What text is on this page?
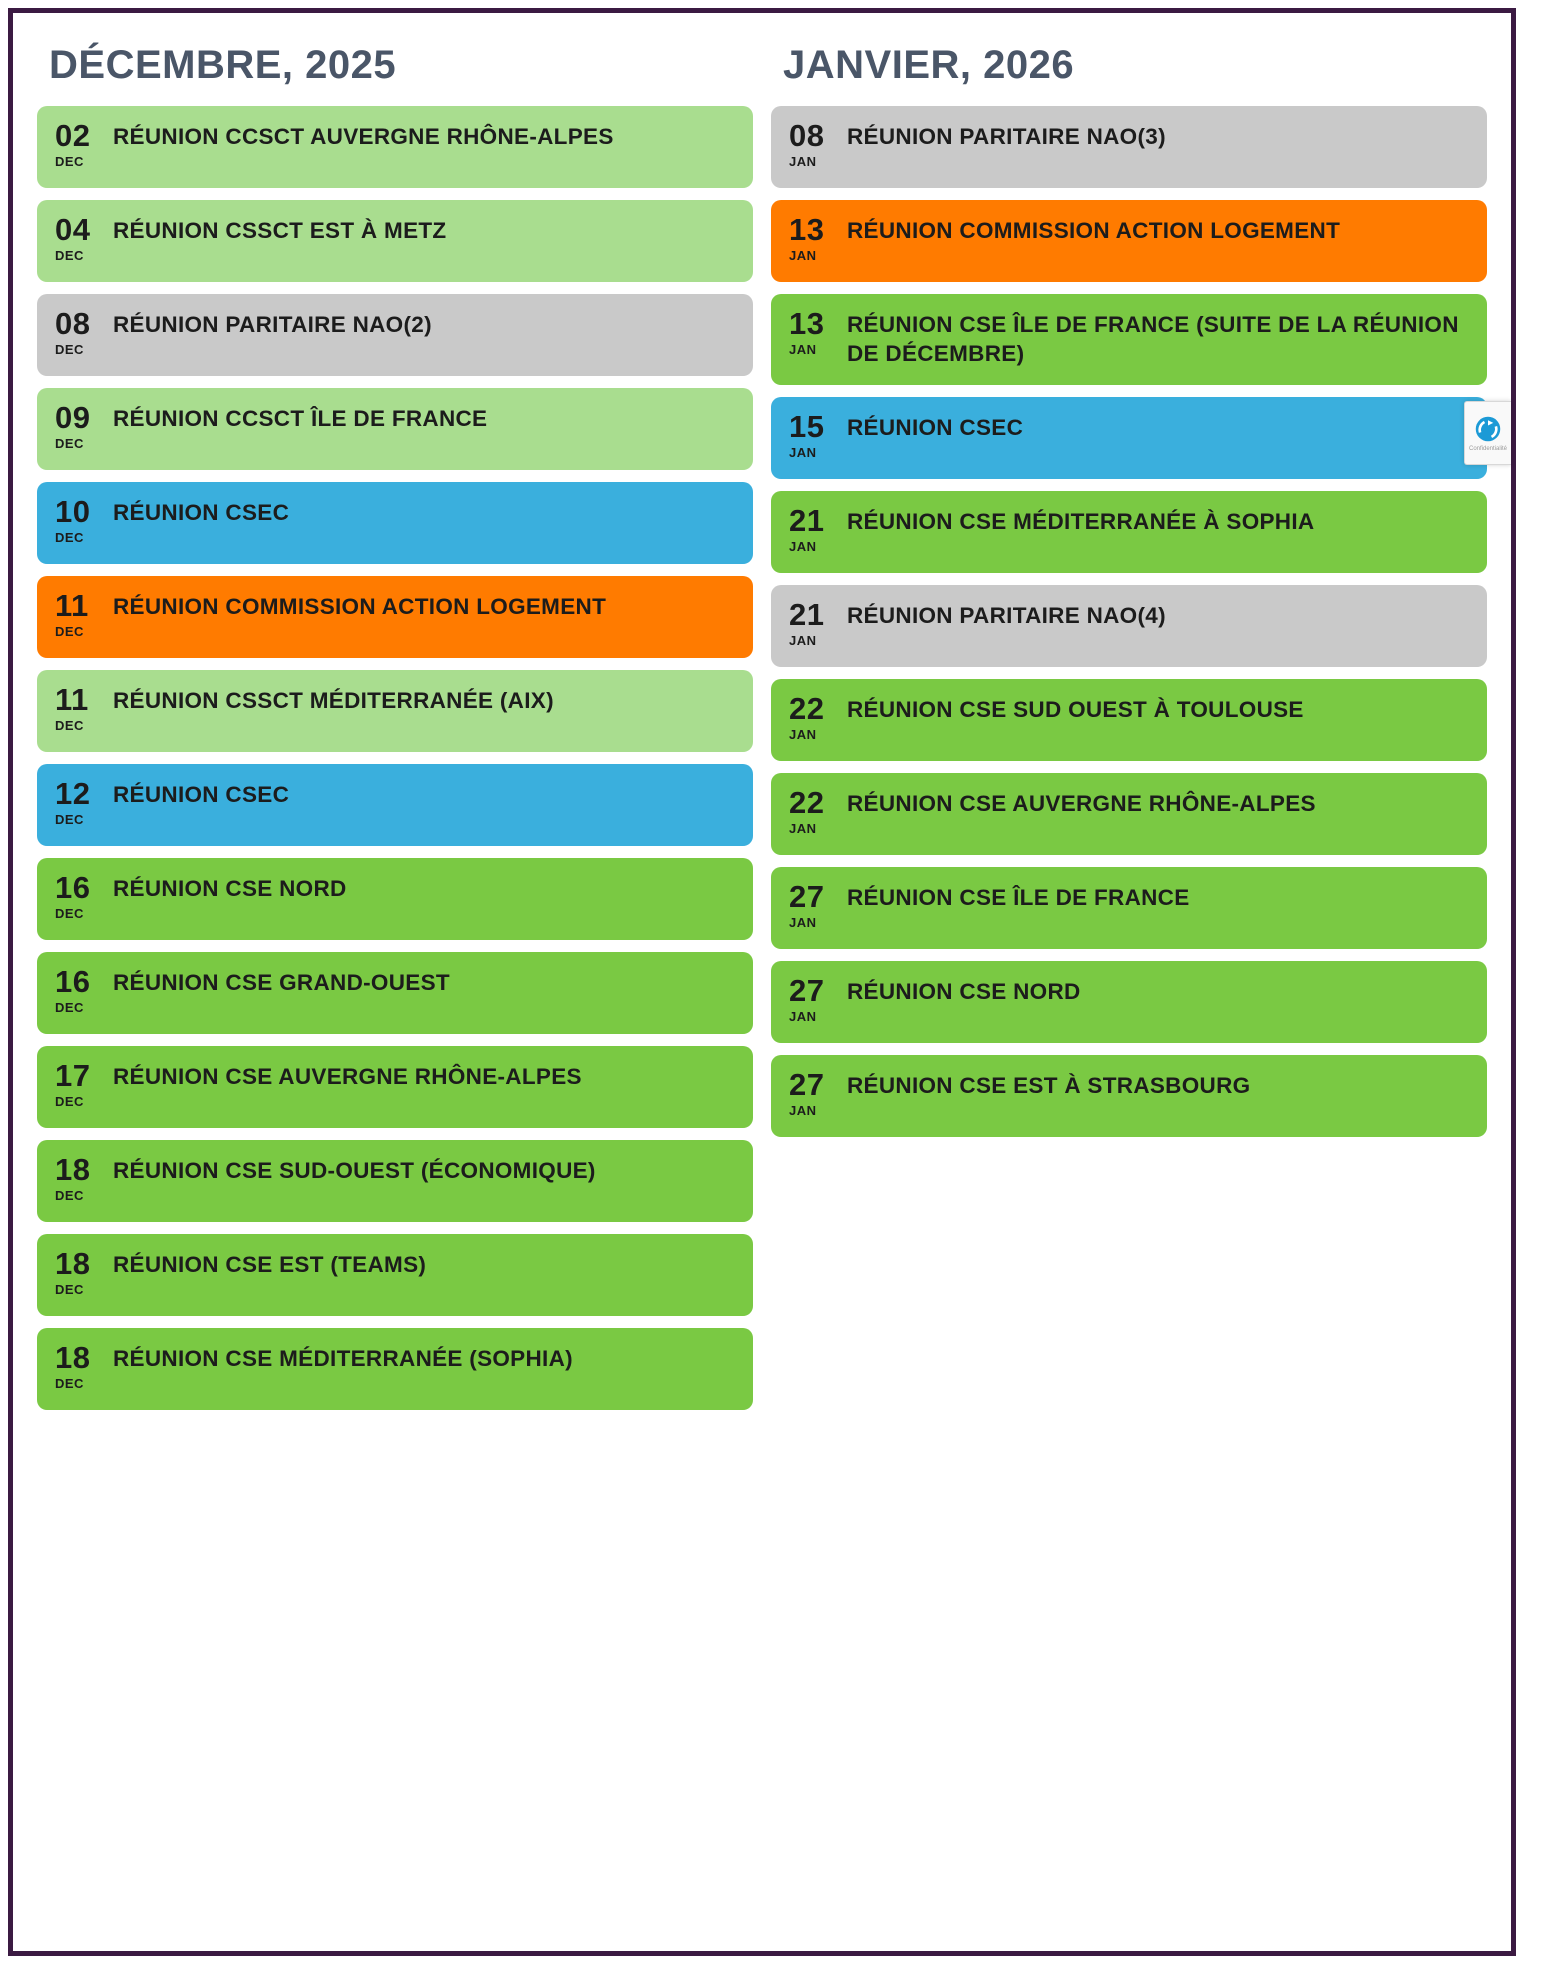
DÉCEMBRE, 2025
02
DEC
RÉUNION CCSCT AUVERGNE RHÔNE-ALPES
04
DEC
RÉUNION CSSCT EST À METZ
08
DEC
RÉUNION PARITAIRE NAO(2)
09
DEC
RÉUNION CCSCT ÎLE DE FRANCE
10
DEC
RÉUNION CSEC
11
DEC
RÉUNION COMMISSION ACTION LOGEMENT
11
DEC
RÉUNION CSSCT MÉDITERRANÉE (AIX)
12
DEC
RÉUNION CSEC
16
DEC
RÉUNION CSE NORD
16
DEC
RÉUNION CSE GRAND-OUEST
17
DEC
RÉUNION CSE AUVERGNE RHÔNE-ALPES
18
DEC
RÉUNION CSE SUD-OUEST (ÉCONOMIQUE)
18
DEC
RÉUNION CSE EST (TEAMS)
18
DEC
RÉUNION CSE MÉDITERRANÉE (SOPHIA)
JANVIER, 2026
08
JAN
RÉUNION PARITAIRE NAO(3)
13
JAN
RÉUNION COMMISSION ACTION LOGEMENT
13
JAN
RÉUNION CSE ÎLE DE FRANCE (SUITE DE LA RÉUNION DE DÉCEMBRE)
15
JAN
RÉUNION CSEC
21
JAN
RÉUNION CSE MÉDITERRANÉE À SOPHIA
21
JAN
RÉUNION PARITAIRE NAO(4)
22
JAN
RÉUNION CSE SUD OUEST À TOULOUSE
22
JAN
RÉUNION CSE AUVERGNE RHÔNE-ALPES
27
JAN
RÉUNION CSE ÎLE DE FRANCE
27
JAN
RÉUNION CSE NORD
27
JAN
RÉUNION CSE EST À STRASBOURG
Confidentialité
